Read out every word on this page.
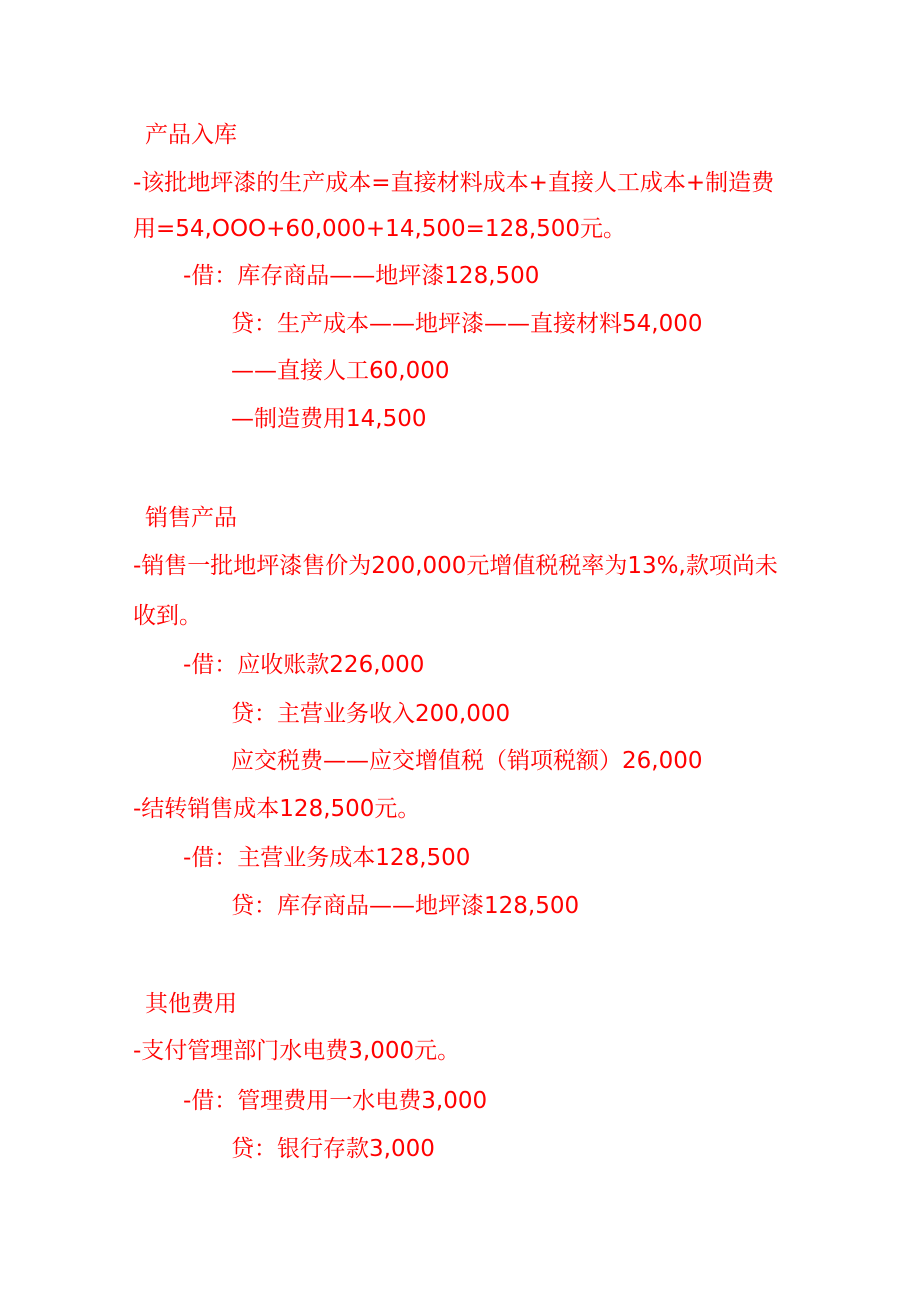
产品入库
-该批地坪漆的生产成本=直接材料成本+直接人工成本+制造费
用=54,OOO+60,000+14,500=128,500元。
-借：库存商品——地坪漆128,500
贷：生产成本——地坪漆——直接材料54,000
——直接人工60,000
—制造费用14,500
销售产品
-销售一批地坪漆售价为200,000元增值税税率为13%,款项尚未
收到。
-借：应收账款226,000
贷：主营业务收入200,000
应交税费——应交增值税（销项税额）26,000
-结转销售成本128,500元。
-借：主营业务成本128,500
贷：库存商品——地坪漆128,500
其他费用
-支付管理部门水电费3,000元。
-借：管理费用一水电费3,000
贷：银行存款3,000
